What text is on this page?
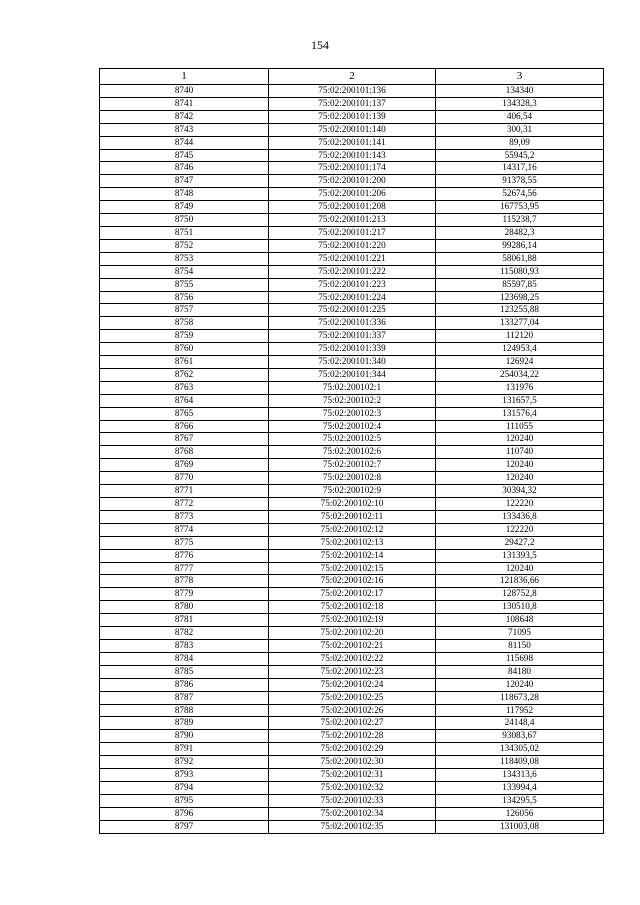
154
1	2	3
8740	75:02:200101:136	134340
8741	75:02:200101:137	134328,3
8742	75:02:200101:139	406,54
8743	75:02:200101:140	300,31
8744	75:02:200101:141	89,09
8745	75:02:200101:143	55945,2
8746	75:02:200101:174	14317,16
8747	75:02:200101:200	91378,55
8748	75:02:200101:206	52674,56
8749	75:02:200101:208	167753,95
8750	75:02:200101:213	115238,7
8751	75:02:200101:217	28482,3
8752	75:02:200101:220	99286,14
8753	75:02:200101:221	58061,88
8754	75:02:200101:222	115080,93
8755	75:02:200101:223	85597,85
8756	75:02:200101:224	123698,25
8757	75:02:200101:225	123255,88
8758	75:02:200101:336	133277,04
8759	75:02:200101:337	112120
8760	75:02:200101:339	124953,4
8761	75:02:200101:340	126924
8762	75:02:200101:344	254034,22
8763	75:02:200102:1	131976
8764	75:02:200102:2	131657,5
8765	75:02:200102:3	131576,4
8766	75:02:200102:4	111055
8767	75:02:200102:5	120240
8768	75:02:200102:6	110740
8769	75:02:200102:7	120240
8770	75:02:200102:8	120240
8771	75:02:200102:9	30394,32
8772	75:02:200102:10	122220
8773	75:02:200102:11	133436,8
8774	75:02:200102:12	122220
8775	75:02:200102:13	29427,2
8776	75:02:200102:14	131393,5
8777	75:02:200102:15	120240
8778	75:02:200102:16	121836,66
8779	75:02:200102:17	128752,8
8780	75:02:200102:18	130510,8
8781	75:02:200102:19	108648
8782	75:02:200102:20	71095
8783	75:02:200102:21	81150
8784	75:02:200102:22	115698
8785	75:02:200102:23	84180
8786	75:02:200102:24	120240
8787	75:02:200102:25	118673,28
8788	75:02:200102:26	117952
8789	75:02:200102:27	24148,4
8790	75:02:200102:28	93083,67
8791	75:02:200102:29	134305,02
8792	75:02:200102:30	118409,08
8793	75:02:200102:31	134313,6
8794	75:02:200102:32	133994,4
8795	75:02:200102:33	134295,5
8796	75:02:200102:34	126056
8797	75:02:200102:35	131003,08
